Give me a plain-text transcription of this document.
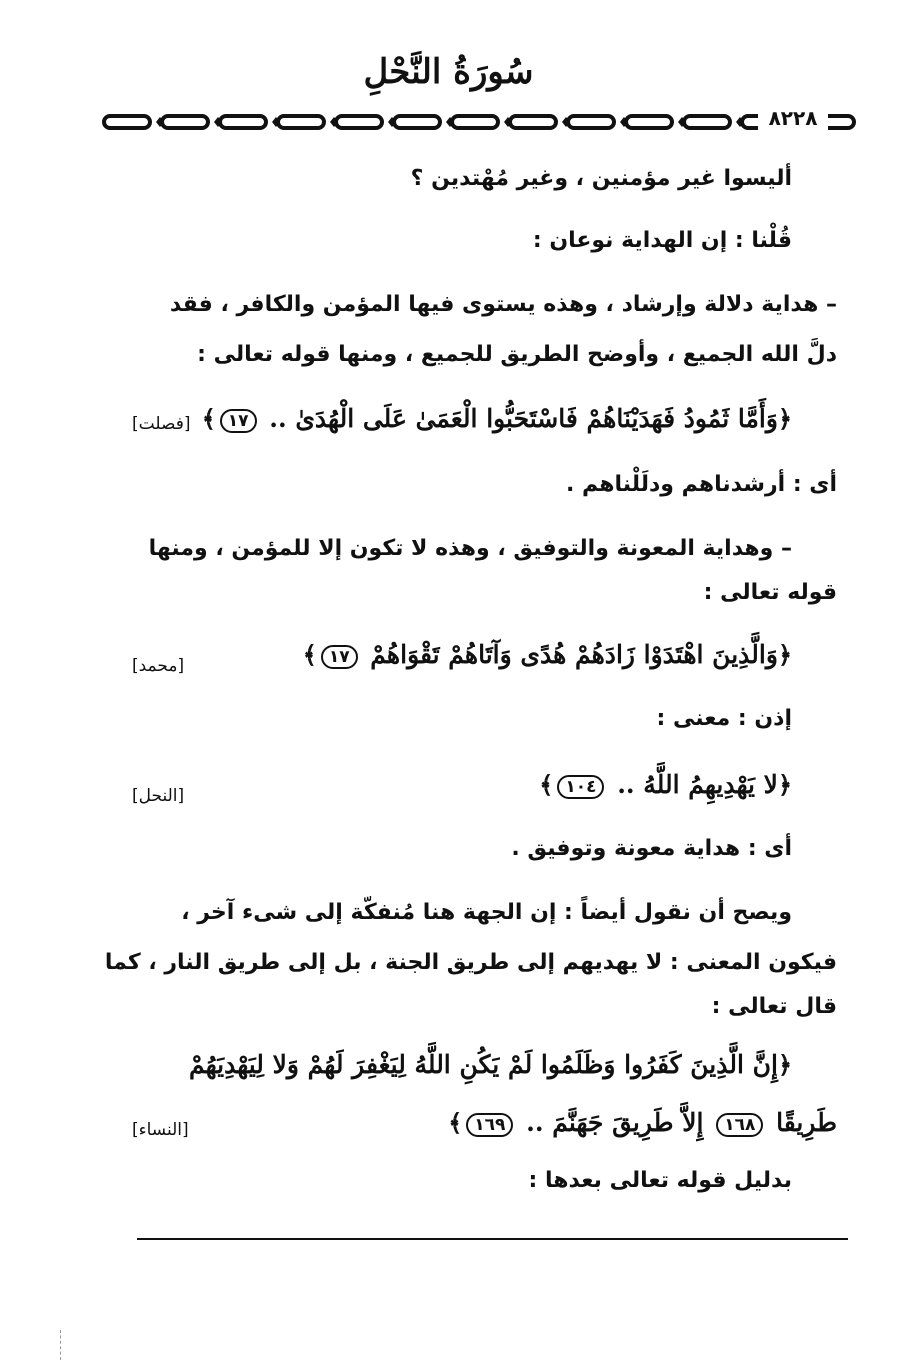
سُورَةُ النَّحْلِ
٨٢٢٨
أليسوا غير مؤمنين ، وغير مُهْتدين ؟
قُلْنا : إن الهداية نوعان :
– هداية دلالة وإرشاد ، وهذه يستوى فيها المؤمن والكافر ، فقد
دلَّ الله الجميع ، وأوضح الطريق للجميع ، ومنها قوله تعالى :
﴿وَأَمَّا ثَمُودُ فَهَدَيْنَاهُمْ فَاسْتَحَبُّوا الْعَمَىٰ عَلَى الْهُدَىٰ .. ١٧﴾
[فصلت]
أى : أرشدناهم ودلَلْناهم .
– وهداية المعونة والتوفيق ، وهذه لا تكون إلا للمؤمن ، ومنها
قوله تعالى :
﴿وَالَّذِينَ اهْتَدَوْا زَادَهُمْ هُدًى وَآتَاهُمْ تَقْوَاهُمْ ١٧﴾
[محمد]
إذن : معنى :
﴿لا يَهْدِيهِمُ اللَّهُ .. ١٠٤﴾
[النحل]
أى : هداية معونة وتوفيق .
ويصح أن نقول أيضاً : إن الجهة هنا مُنفكّة إلى شىء آخر ،
فيكون المعنى : لا يهديهم إلى طريق الجنة ، بل إلى طريق النار ، كما
قال تعالى :
﴿إِنَّ الَّذِينَ كَفَرُوا وَظَلَمُوا لَمْ يَكُنِ اللَّهُ لِيَغْفِرَ لَهُمْ وَلا لِيَهْدِيَهُمْ
طَرِيقًا ١٦٨ إِلاَّ طَرِيقَ جَهَنَّمَ .. ١٦٩﴾
[النساء]
بدليل قوله تعالى بعدها :
